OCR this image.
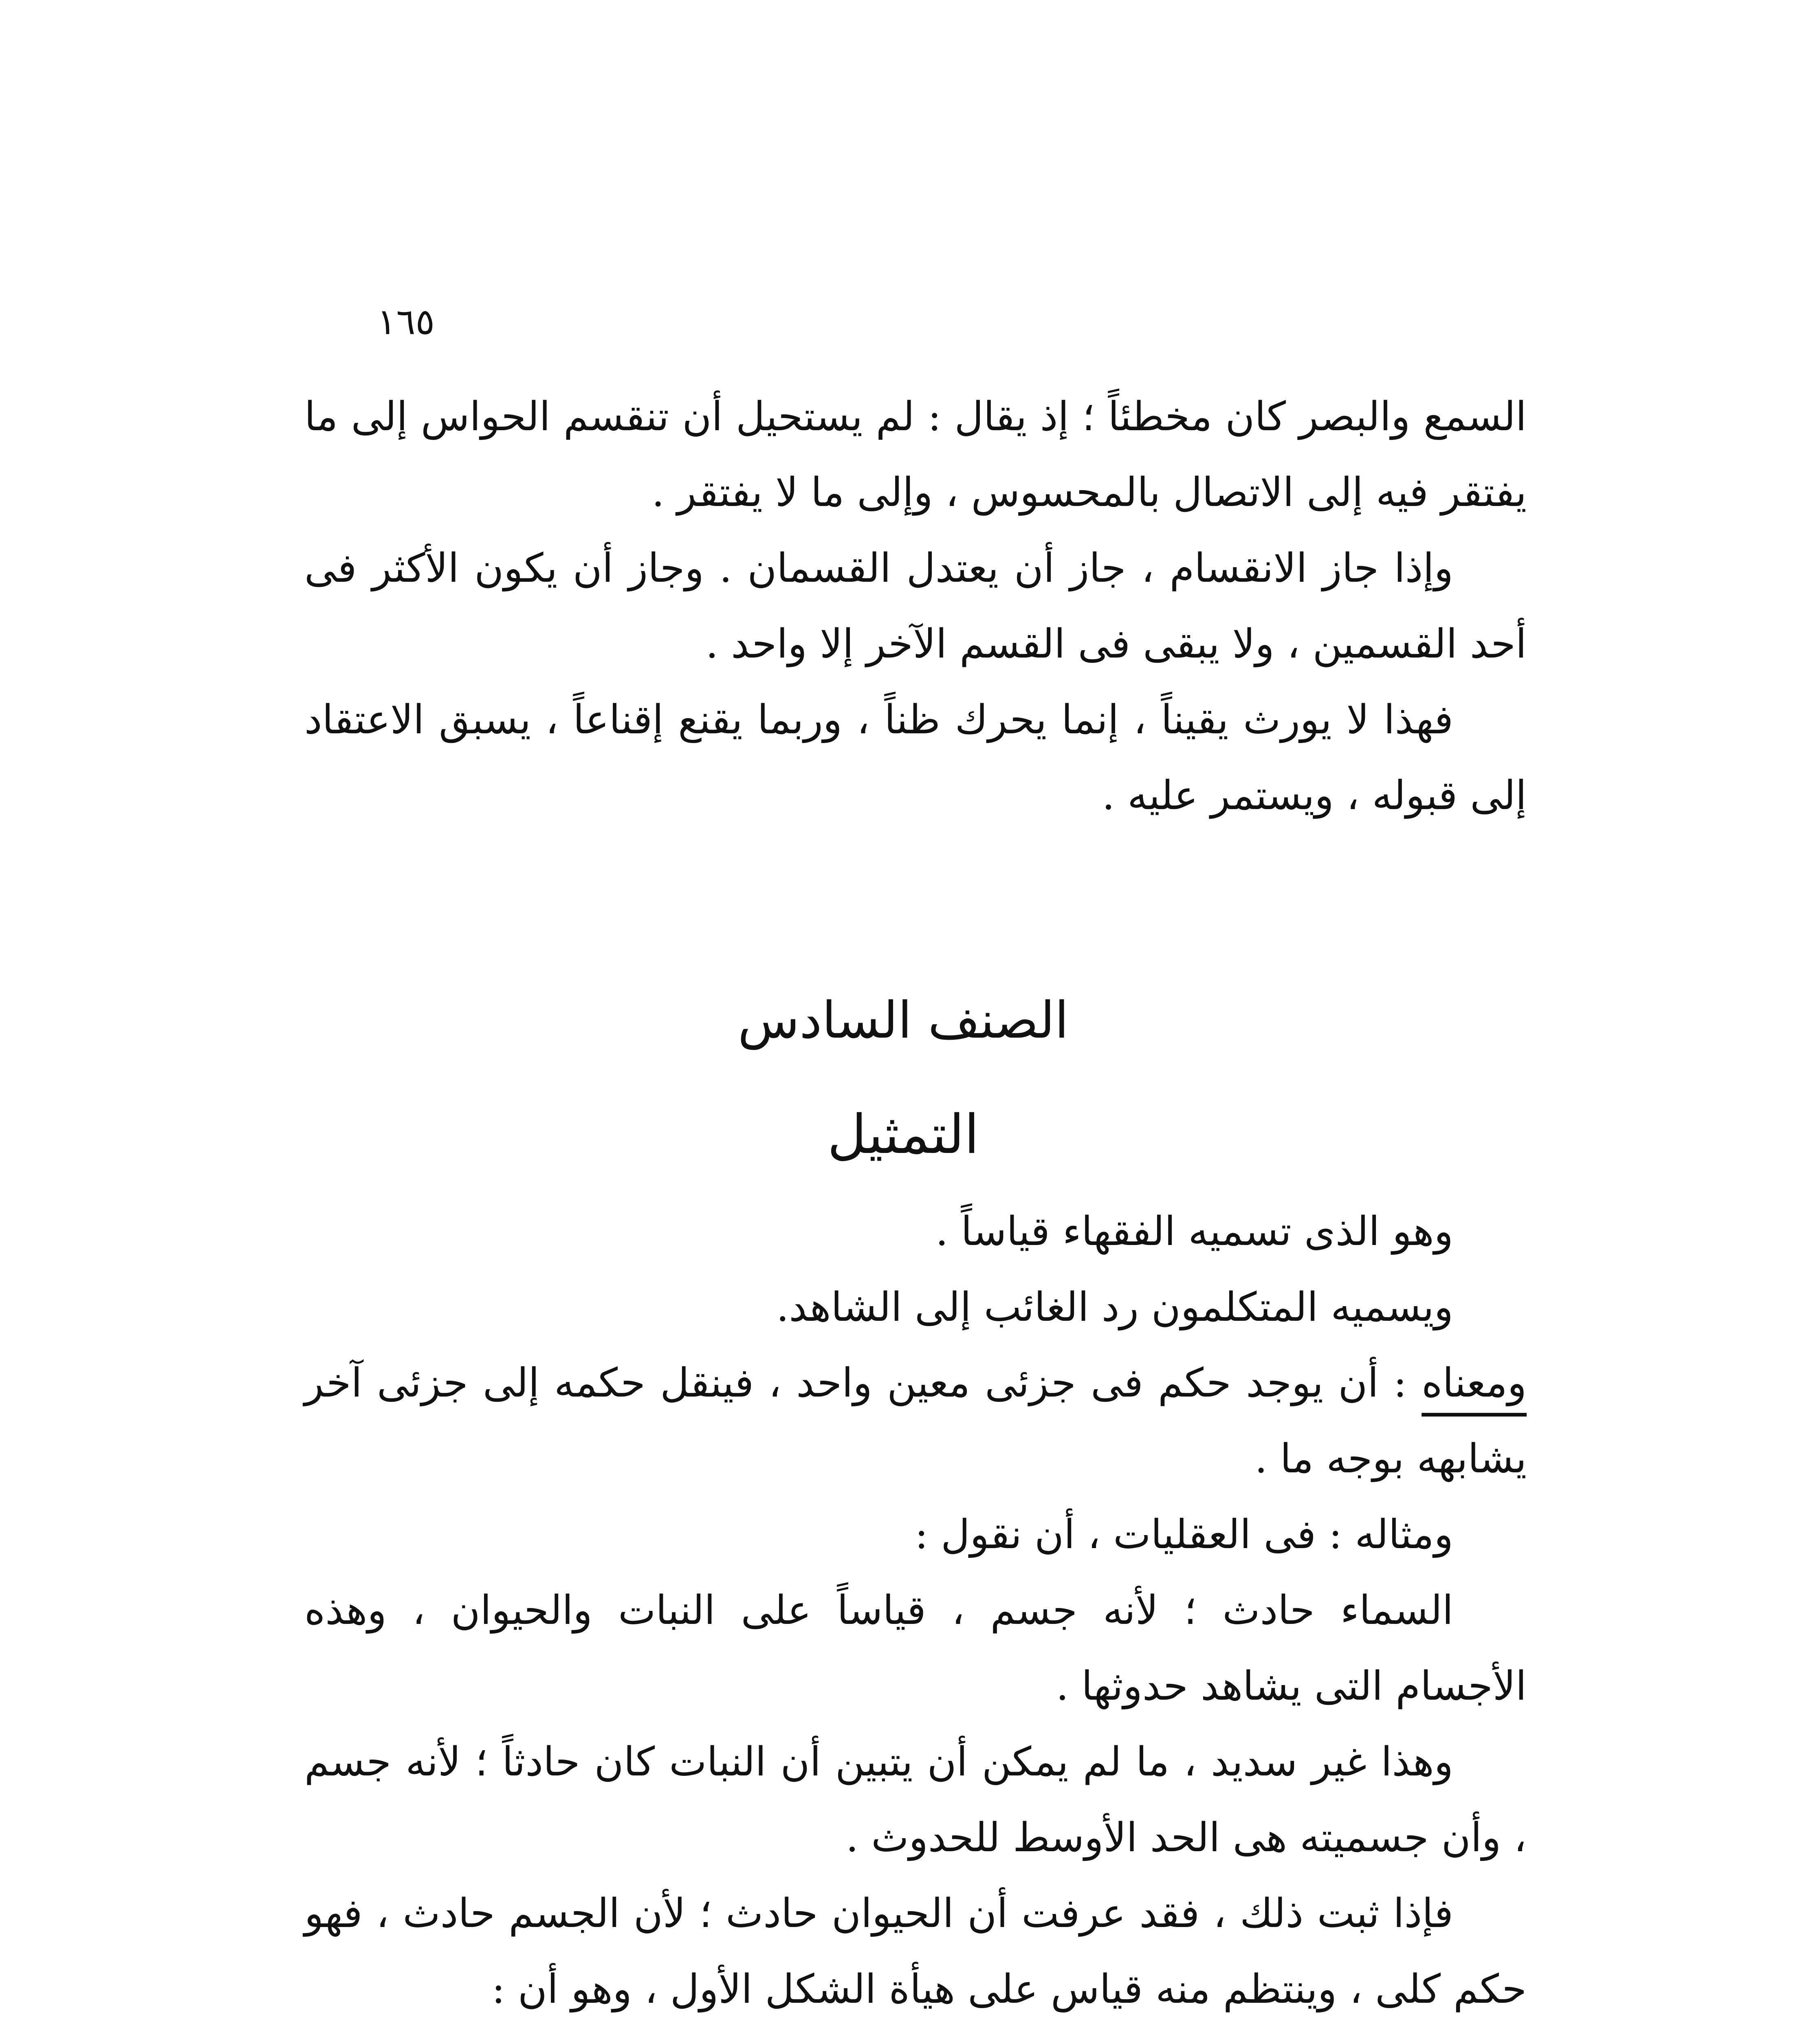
١٦٥

السمع والبصر كان مخطئاً ؛ إذ يقال : لم يستحيل أن تنقسم الحواس إلى ما يفتقر فيه إلى الاتصال بالمحسوس ، وإلى ما لا يفتقر .

وإذا جاز الانقسام ، جاز أن يعتدل القسمان . وجاز أن يكون الأكثر فى أحد القسمين ، ولا يبقى فى القسم الآخر إلا واحد .

فهذا لا يورث يقيناً ، إنما يحرك ظناً ، وربما يقنع إقناعاً ، يسبق الاعتقاد إلى قبوله ، ويستمر عليه .

الصنف السادس
التمثيل

وهو الذى تسميه الفقهاء قياساً .

ويسميه المتكلمون رد الغائب إلى الشاهد.

ومعناه : أن يوجد حكم فى جزئى معين واحد ، فينقل حكمه إلى جزئى آخر يشابهه بوجه ما .

ومثاله : فى العقليات ، أن نقول :

السماء حادث ؛ لأنه جسم ، قياساً على النبات والحيوان ، وهذه الأجسام التى يشاهد حدوثها .

وهذا غير سديد ، ما لم يمكن أن يتبين أن النبات كان حادثاً ؛ لأنه جسم ، وأن جسميته هى الحد الأوسط للحدوث .

فإذا ثبت ذلك ، فقد عرفت أن الحيوان حادث ؛ لأن الجسم حادث ، فهو حكم كلى ، وينتظم منه قياس على هيأة الشكل الأول ، وهو أن :
